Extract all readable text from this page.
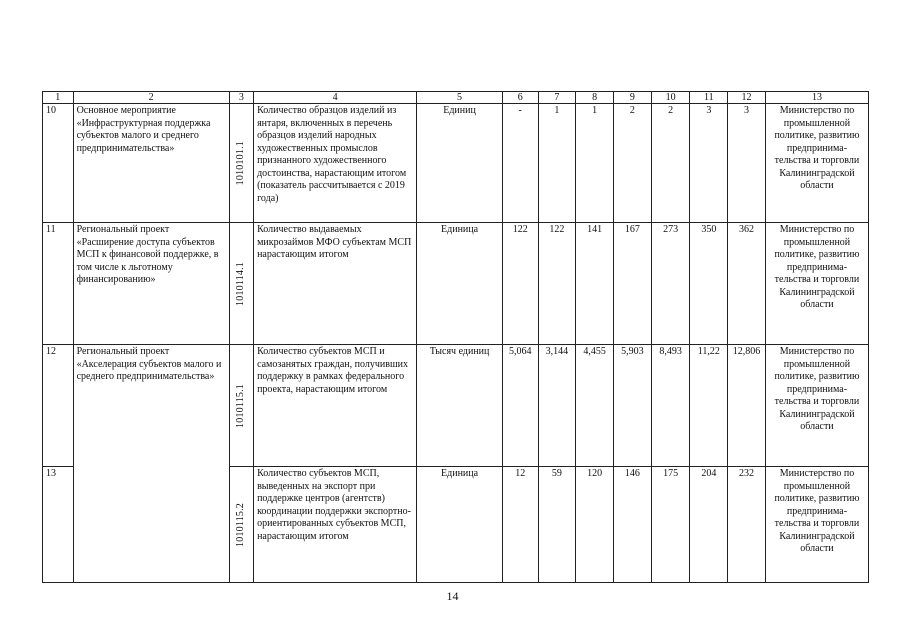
1	2	3	4	5	6	7	8	9	10	11	12	13
10	Основное мероприятие «Инфраструктурная поддержка субъектов малого и среднего предпринимательства»	1010101.1	Количество образцов изделий из янтаря, включенных в перечень образцов изделий народных художественных промыслов признанного художественного достоинства, нарастающим итогом (показатель рассчитывается с 2019 года)	Единиц	-	1	1	2	2	3	3	Министерство по промышленной политике, развитию предпринима-тельства и торговли Калининградской области
11	Региональный проект «Расширение доступа субъектов МСП к финансовой поддержке, в том числе к льготному финансированию»	1010114.1	Количество выдаваемых микрозаймов МФО субъектам МСП нарастающим итогом	Единица	122	122	141	167	273	350	362	Министерство по промышленной политике, развитию предпринима-тельства и торговли Калининградской области
12	Региональный проект «Акселерация субъектов малого и среднего предпринимательства»	1010115.1	Количество субъектов МСП и самозанятых граждан, получивших поддержку в рамках федерального проекта, нарастающим итогом	Тысяч единиц	5,064	3,144	4,455	5,903	8,493	11,22	12,806	Министерство по промышленной политике, развитию предпринима-тельства и торговли Калининградской области
13		1010115.2	Количество субъектов МСП, выведенных на экспорт при поддержке центров (агентств) координации поддержки экспортно-ориентированных субъектов МСП, нарастающим итогом	Единица	12	59	120	146	175	204	232	Министерство по промышленной политике, развитию предпринима-тельства и торговли Калининградской области
14
